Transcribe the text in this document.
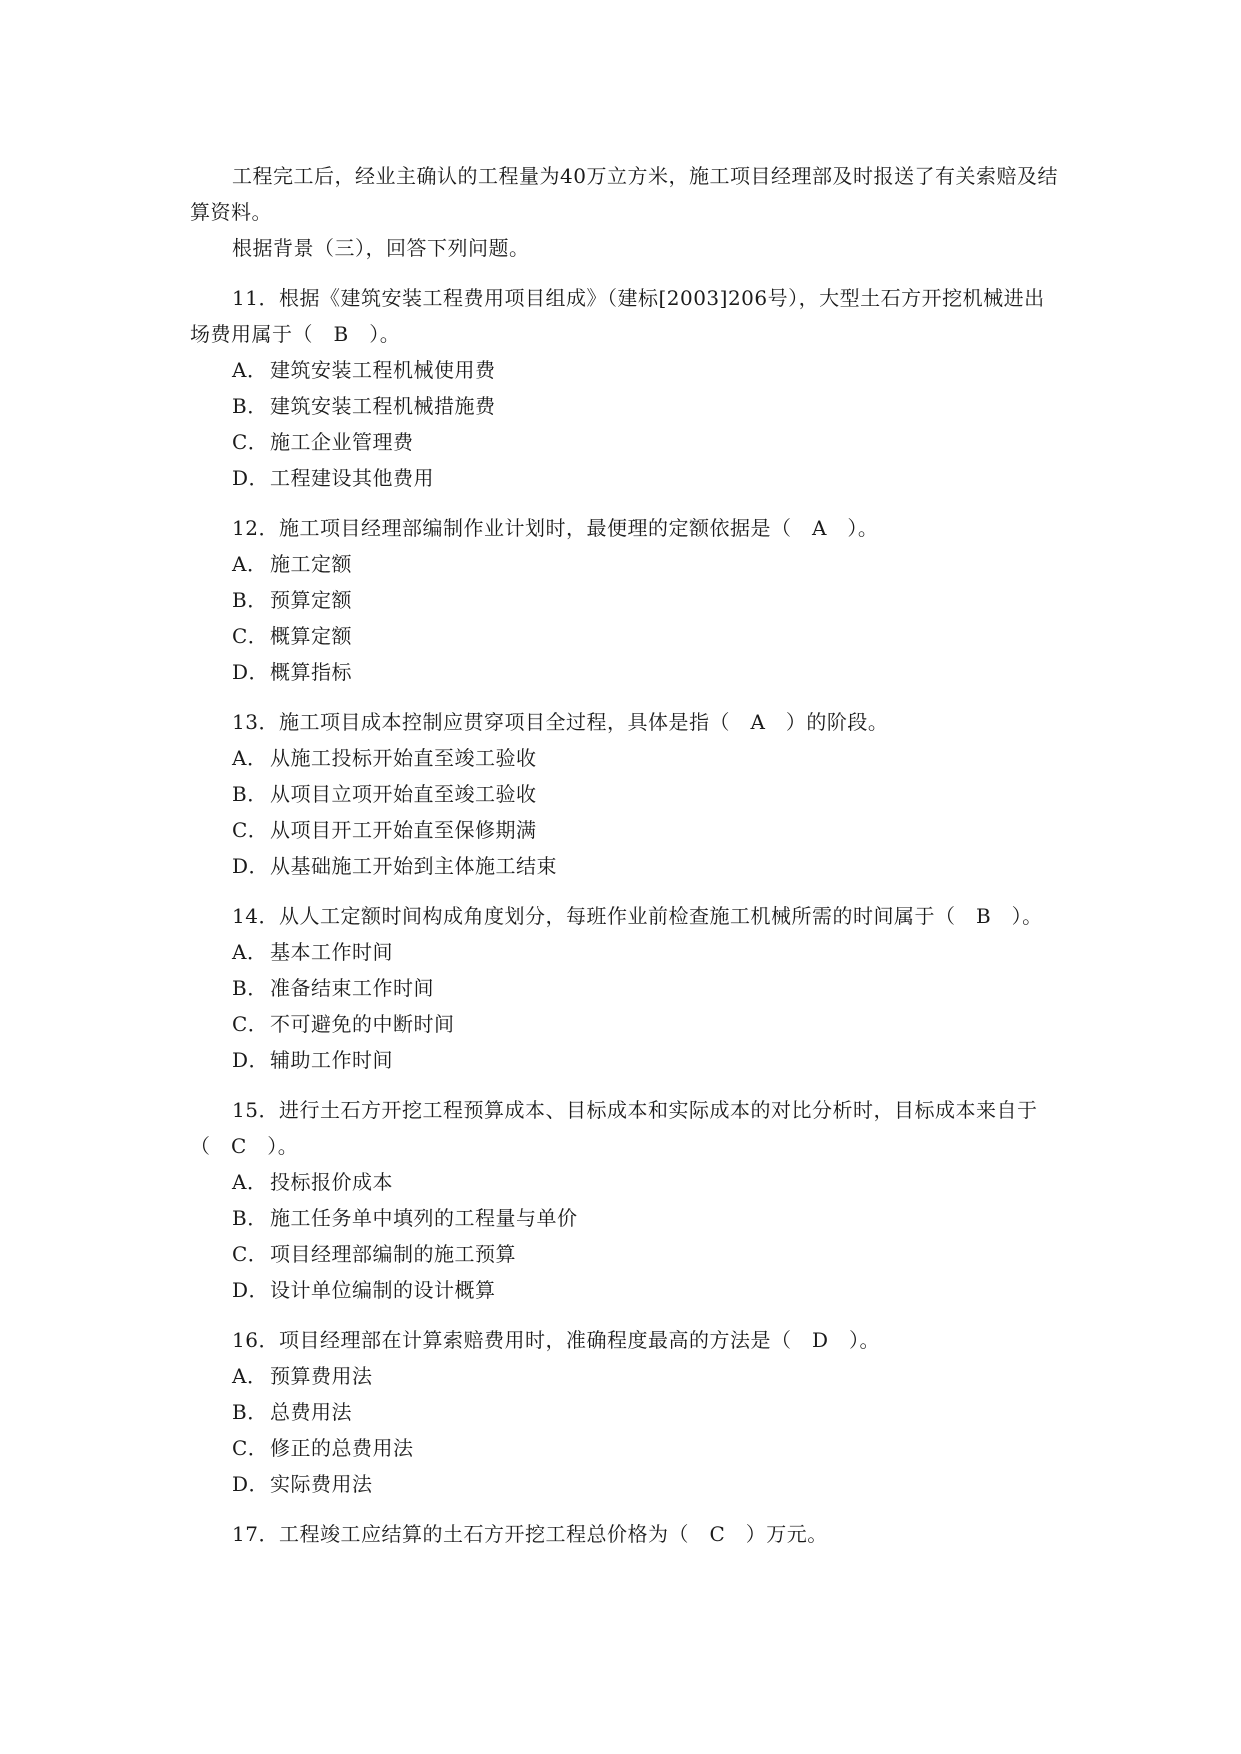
工程完工后，经业主确认的工程量为40万立方米，施工项目经理部及时报送了有关索赔及结算资料。

根据背景（三），回答下列问题。

11．根据《建筑安装工程费用项目组成》（建标[2003]206号），大型土石方开挖机械进出场费用属于（　B　）。

A． 建筑安装工程机械使用费
B． 建筑安装工程机械措施费
C．施工企业管理费
D．工程建设其他费用

12．施工项目经理部编制作业计划时，最便理的定额依据是（　A　）。

A． 施工定额
B． 预算定额
C．概算定额
D．概算指标

13．施工项目成本控制应贯穿项目全过程，具体是指（　A　）的阶段。

A． 从施工投标开始直至竣工验收
B． 从项目立项开始直至竣工验收
C．从项目开工开始直至保修期满
D．从基础施工开始到主体施工结束

14．从人工定额时间构成角度划分，每班作业前检查施工机械所需的时间属于（　B　）。

A． 基本工作时间
B． 准备结束工作时间
C．不可避免的中断时间
D．辅助工作时间

15．进行土石方开挖工程预算成本、目标成本和实际成本的对比分析时，目标成本来自于　（　C　）。

A． 投标报价成本
B． 施工任务单中填列的工程量与单价
C．项目经理部编制的施工预算
D．设计单位编制的设计概算

16．项目经理部在计算索赔费用时，准确程度最高的方法是（　D　）。

A． 预算费用法
B． 总费用法
C．修正的总费用法
D．实际费用法

17．工程竣工应结算的土石方开挖工程总价格为（　C　）万元。
